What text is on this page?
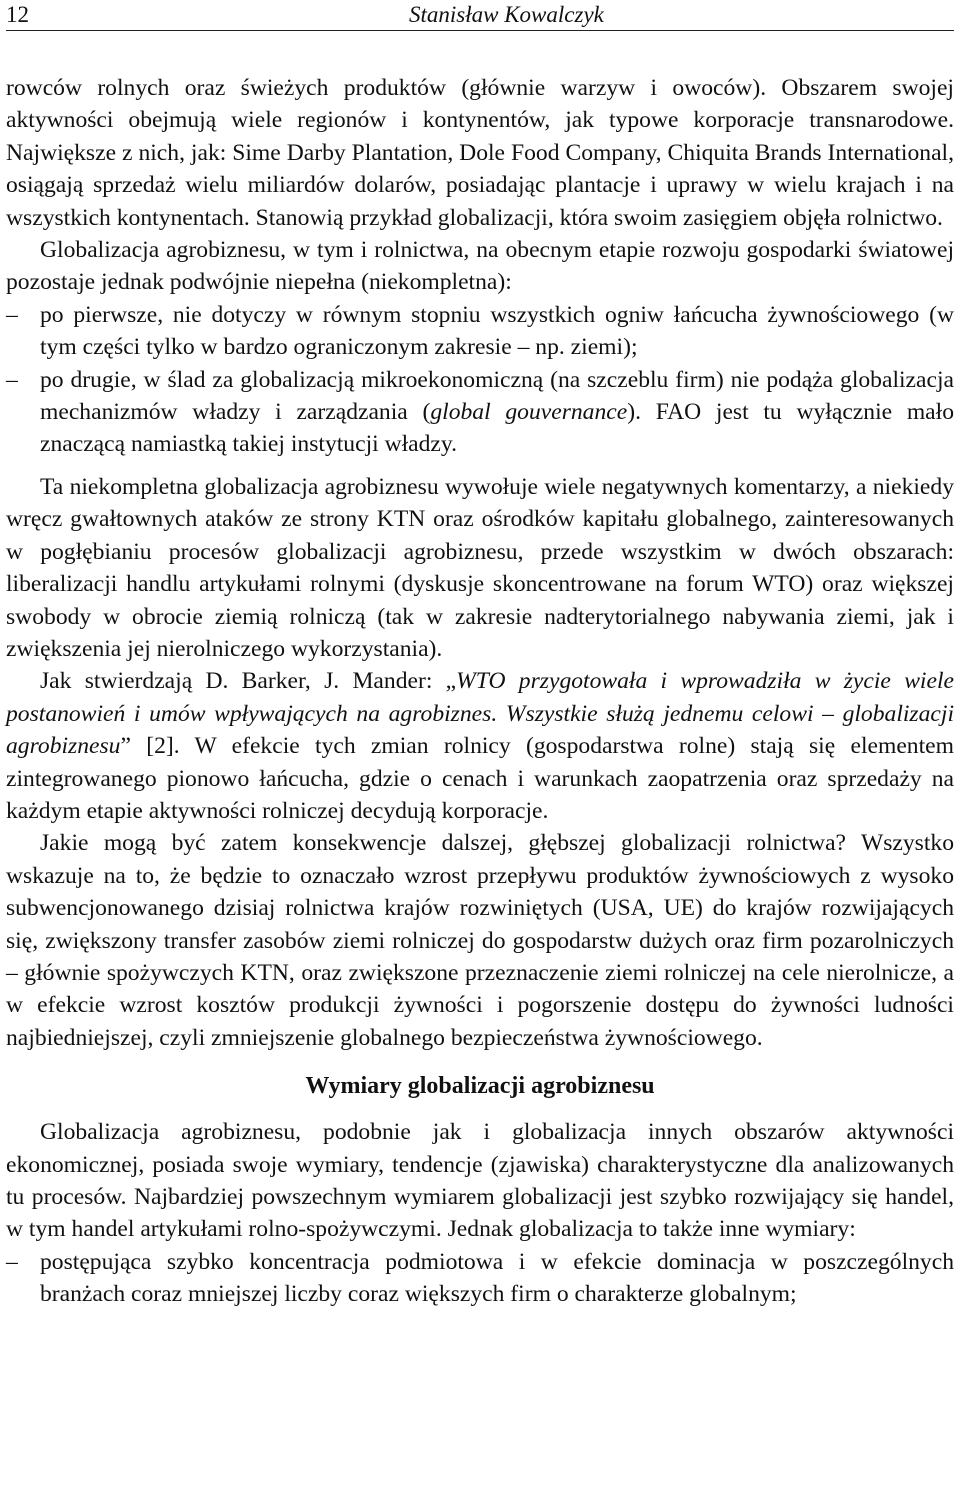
12	Stanisław Kowalczyk

rowców rolnych oraz świeżych produktów (głównie warzyw i owoców). Obszarem swojej aktywności obejmują wiele regionów i kontynentów, jak typowe korporacje transnarodowe. Największe z nich, jak: Sime Darby Plantation, Dole Food Company, Chiquita Brands International, osiągają sprzedaż wielu miliardów dolarów, posiadając plantacje i uprawy w wielu krajach i na wszystkich kontynentach. Stanowią przykład globalizacji, która swoim zasięgiem objęła rolnictwo.

Globalizacja agrobiznesu, w tym i rolnictwa, na obecnym etapie rozwoju gospodarki światowej pozostaje jednak podwójnie niepełna (niekompletna):

– po pierwsze, nie dotyczy w równym stopniu wszystkich ogniw łańcucha żywnościowego (w tym części tylko w bardzo ograniczonym zakresie – np. ziemi);

– po drugie, w ślad za globalizacją mikroekonomiczną (na szczeblu firm) nie podąża globalizacja mechanizmów władzy i zarządzania (global gouvernance). FAO jest tu wyłącznie mało znaczącą namiastką takiej instytucji władzy.

Ta niekompletna globalizacja agrobiznesu wywołuje wiele negatywnych komentarzy, a niekiedy wręcz gwałtownych ataków ze strony KTN oraz ośrodków kapitału globalnego, zainteresowanych w pogłębianiu procesów globalizacji agrobiznesu, przede wszystkim w dwóch obszarach: liberalizacji handlu artykułami rolnymi (dyskusje skoncentrowane na forum WTO) oraz większej swobody w obrocie ziemią rolniczą (tak w zakresie nadterytorialnego nabywania ziemi, jak i zwiększenia jej nierolniczego wykorzystania).

Jak stwierdzają D. Barker, J. Mander: „WTO przygotowała i wprowadziła w życie wiele postanowień i umów wpływających na agrobiznes. Wszystkie służą jednemu celowi – globalizacji agrobiznesu” [2]. W efekcie tych zmian rolnicy (gospodarstwa rolne) stają się elementem zintegrowanego pionowo łańcucha, gdzie o cenach i warunkach zaopatrzenia oraz sprzedaży na każdym etapie aktywności rolniczej decydują korporacje.

Jakie mogą być zatem konsekwencje dalszej, głębszej globalizacji rolnictwa? Wszystko wskazuje na to, że będzie to oznaczało wzrost przepływu produktów żywnościowych z wysoko subwencjonowanego dzisiaj rolnictwa krajów rozwiniętych (USA, UE) do krajów rozwijających się, zwiększony transfer zasobów ziemi rolniczej do gospodarstw dużych oraz firm pozarolniczych – głównie spożywczych KTN, oraz zwiększone przeznaczenie ziemi rolniczej na cele nierolnicze, a w efekcie wzrost kosztów produkcji żywności i pogorszenie dostępu do żywności ludności najbiedniejszej, czyli zmniejszenie globalnego bezpieczeństwa żywnościowego.

Wymiary globalizacji agrobiznesu

Globalizacja agrobiznesu, podobnie jak i globalizacja innych obszarów aktywności ekonomicznej, posiada swoje wymiary, tendencje (zjawiska) charakterystyczne dla analizowanych tu procesów. Najbardziej powszechnym wymiarem globalizacji jest szybko rozwijający się handel, w tym handel artykułami rolno-spożywczymi. Jednak globalizacja to także inne wymiary:

– postępująca szybko koncentracja podmiotowa i w efekcie dominacja w poszczególnych branżach coraz mniejszej liczby coraz większych firm o charakterze globalnym;
